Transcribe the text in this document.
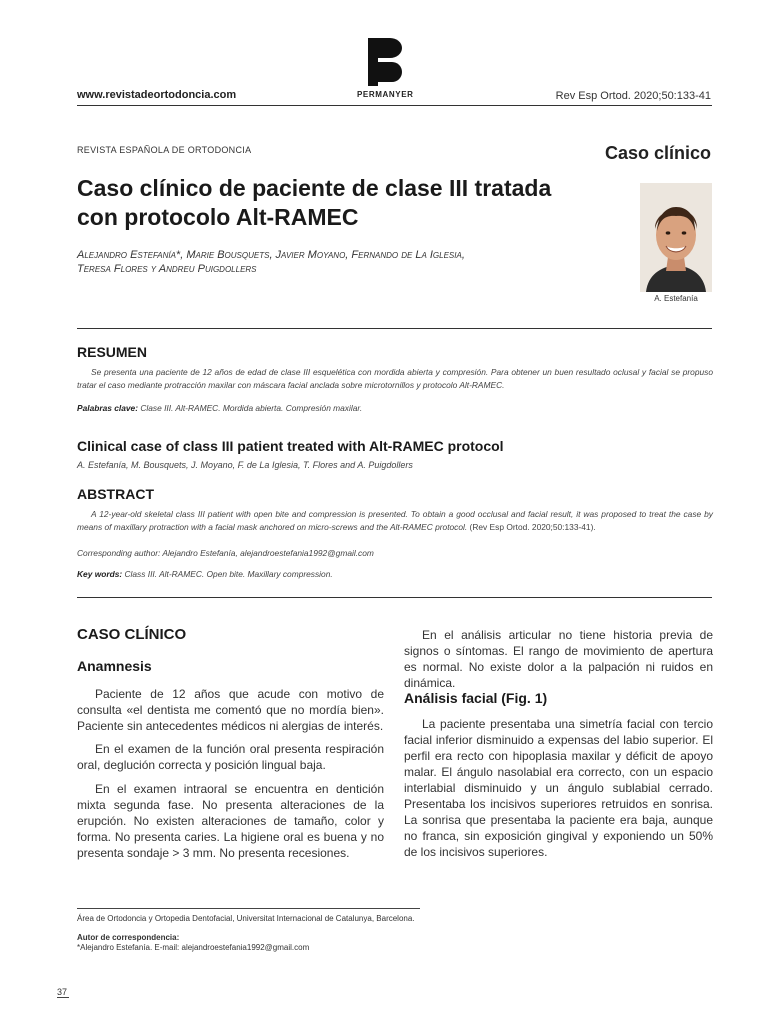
PERMANYER
www.revistadeortodoncia.com	Rev Esp Ortod. 2020;50:133-41
REVISTA ESPAÑOLA DE ORTODONCIA	Caso clínico
Caso clínico de paciente de clase III tratada con protocolo Alt-RAMEC
Alejandro Estefanía*, Marie Bousquets, Javier Moyano, Fernando de La Iglesia,
Teresa Flores y Andreu Puigdollers
A. Estefanía
RESUMEN

Se presenta una paciente de 12 años de edad de clase III esquelética con mordida abierta y compresión. Para obtener un buen resultado oclusal y facial se propuso tratar el caso mediante protracción maxilar con máscara facial anclada sobre microtornillos y protocolo Alt-RAMEC.

Palabras clave: Clase III. Alt-RAMEC. Mordida abierta. Compresión maxilar.
Clinical case of class III patient treated with Alt-RAMEC protocol
A. Estefanía, M. Bousquets, J. Moyano, F. de La Iglesia, T. Flores and A. Puigdollers
ABSTRACT

A 12-year-old skeletal class III patient with open bite and compression is presented. To obtain a good occlusal and facial result, it was proposed to treat the case by means of maxillary protraction with a facial mask anchored on micro-screws and the Alt-RAMEC protocol. (Rev Esp Ortod. 2020;50:133-41).

Corresponding author: Alejandro Estefanía, alejandroestefania1992@gmail.com
Key words: Class III. Alt-RAMEC. Open bite. Maxillary compression.
CASO CLÍNICO
Anamnesis

Paciente de 12 años que acude con motivo de consulta «el dentista me comentó que no mordía bien». Paciente sin antecedentes médicos ni alergias de interés.

En el examen de la función oral presenta respiración oral, deglución correcta y posición lingual baja.

En el examen intraoral se encuentra en dentición mixta segunda fase. No presenta alteraciones de la erupción. No existen alteraciones de tamaño, color y forma. No presenta caries. La higiene oral es buena y no presenta sondaje > 3 mm. No presenta recesiones.

En el análisis articular no tiene historia previa de signos o síntomas. El rango de movimiento de apertura es normal. No existe dolor a la palpación ni ruidos en dinámica.

Análisis facial (Fig. 1)

La paciente presentaba una simetría facial con tercio facial inferior disminuido a expensas del labio superior. El perfil era recto con hipoplasia maxilar y déficit de apoyo malar. El ángulo nasolabial era correcto, con un espacio interlabial disminuido y un ángulo sublabial cerrado. Presentaba los incisivos superiores retruidos en sonrisa. La sonrisa que presentaba la paciente era baja, aunque no franca, sin exposición gingival y exponiendo un 50% de los incisivos superiores.

Área de Ortodoncia y Ortopedia Dentofacial, Universitat Internacional de Catalunya, Barcelona.
Autor de correspondencia:
*Alejandro Estefanía. E-mail: alejandroestefania1992@gmail.com
37
